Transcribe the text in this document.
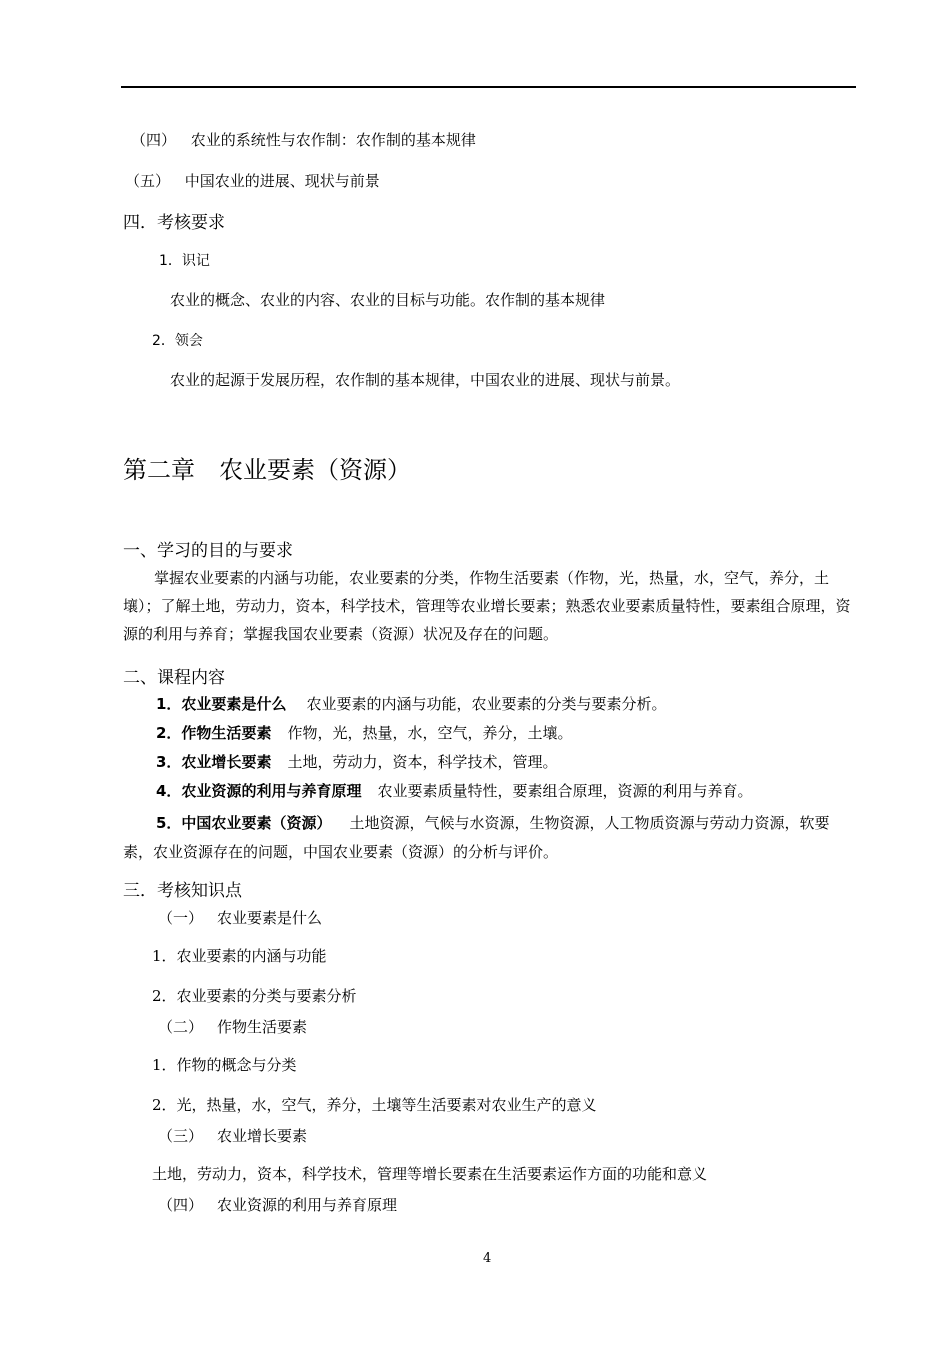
（四） 农业的系统性与农作制：农作制的基本规律
（五） 中国农业的进展、现状与前景
四．考核要求
1．识记
农业的概念、农业的内容、农业的目标与功能。农作制的基本规律
2．领会
农业的起源于发展历程，农作制的基本规律，中国农业的进展、现状与前景。
第二章　农业要素（资源）
一、学习的目的与要求
掌握农业要素的内涵与功能，农业要素的分类，作物生活要素（作物，光，热量，水，空气，养分，土壤）；了解土地，劳动力，资本，科学技术，管理等农业增长要素；熟悉农业要素质量特性，要素组合原理，资源的利用与养育；掌握我国农业要素（资源）状况及存在的问题。
二、课程内容
1．农业要素是什么 农业要素的内涵与功能，农业要素的分类与要素分析。
2．作物生活要素 作物，光，热量，水，空气，养分，土壤。
3．农业增长要素 土地，劳动力，资本，科学技术，管理。
4．农业资源的利用与养育原理 农业要素质量特性，要素组合原理，资源的利用与养育。
5．中国农业要素（资源） 土地资源，气候与水资源，生物资源，人工物质资源与劳动力资源，软要素，农业资源存在的问题，中国农业要素（资源）的分析与评价。
三．考核知识点
（一） 农业要素是什么
1．农业要素的内涵与功能
2．农业要素的分类与要素分析
（二） 作物生活要素
1．作物的概念与分类
2．光，热量，水，空气，养分，土壤等生活要素对农业生产的意义
（三） 农业增长要素
土地，劳动力，资本，科学技术，管理等增长要素在生活要素运作方面的功能和意义
（四） 农业资源的利用与养育原理
4
